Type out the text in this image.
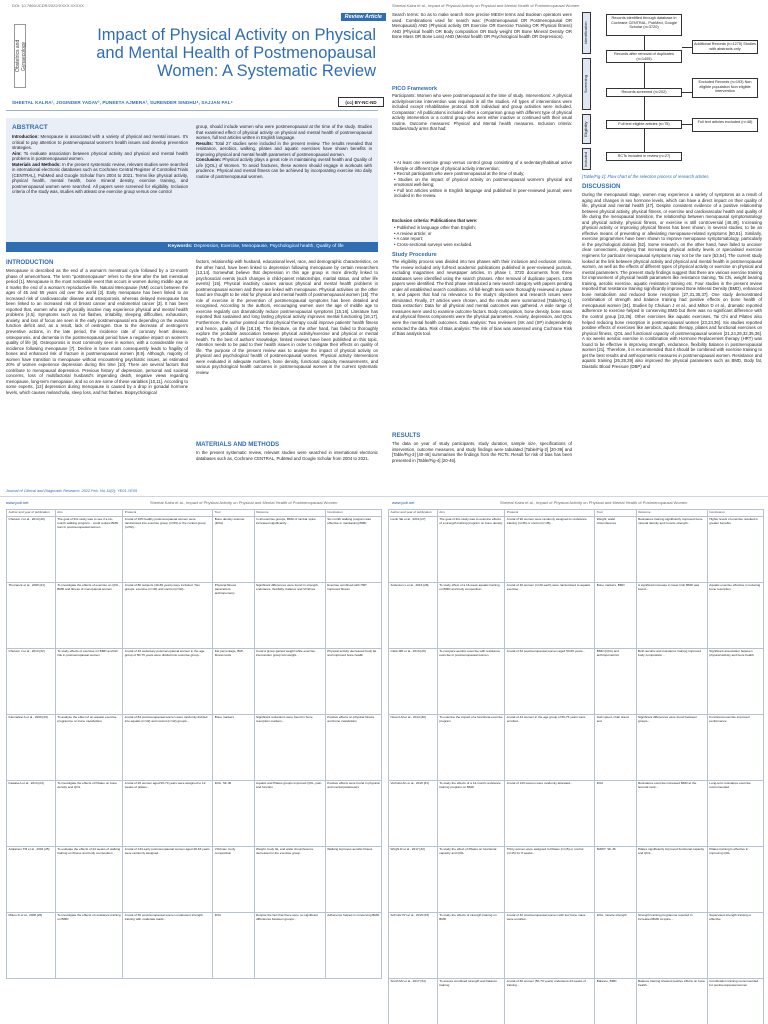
DOI: 10.7860/JCDR/2022/XXXX.XXXXX
Review Article
Obstetrics and Gynaecology
Impact of Physical Activity on Physical and Mental Health of Postmenopausal Women: A Systematic Review
SHEETAL KALRA¹, JOGINDER YADAV², PUNEETA AJMERA³, SURENDER SINDHU⁴, SAJJAN PAL⁵	(cc) BY-NC-ND
ABSTRACT
Introduction: Menopause is associated with a variety of physical and mental issues. It's critical to pay attention to postmenopausal women's health issues and develop prevention strategies.
Aim: To evaluate association between physical activity and physical and mental health problems in postmenopausal women.
Materials and Methods: In the present systematic review, relevant studies were searched in international electronic databases such as Cochrane Central Register of Controlled Trials (CENTRAL), PubMed and Google Scholar from 2004 to 2021. Terms like physical activity, physical health, mental health, bone mineral density, exercise training, and postmenopausal women were searched. All papers were screened for eligibility. Inclusion criteria of the study was, studies with atleast one exercise group versus one control
group, should include women who were postmenopausal at the time of the study. Studies that examined effect of physical activity on physical and mental health of postmenopausal women, full text articles written in English language.
Results: Total 27 studies were included in the present review. The results revealed that resistance, aerobics, walking, pilates and aquatic exercises have shown benefits in improving physical and mental health parameters of postmenopausal women.
Conclusion: Physical activity plays a great role in maintaining overall health and Quality of Life (QOL) of Women. To avoid fractures, these women should engage in workouts with prudence. Physical and mental fitness can be achieved by incorporating exercise into daily routine of postmenopausal women.
Keywords: Depression, Exercise, Menopause, Psychological health, Quality of life
INTRODUCTION
Menopause is described as the end of a woman's menstrual cycle followed by a 12-month phase of amenorrhoea. The term "postmenopause" refers to the time after the last menstrual period [1]. Menopause is the most noticeable event that occurs in women during middle age as it marks the end of a woman's reproductive life. Natural Menopause (NM) occurs between the ages of 45 and 55 years old over the world [2]. Early menopause has been linked to an increased risk of cardiovascular disease and osteoporosis, whereas delayed menopause has been linked to an increased risk of breast cancer and endometrial cancer [3]. It has been reported that, women who are physically inactive may experience physical and mental health problems [4,5]. Symptoms such as hot flashes, irritability, sleeping difficulties, exhaustion, anxiety, and loss of focus are seen in the early postmenopausal era depending on the ovarian function deficit and, as a result, lack of oestrogen. Due to the decrease of oestrogen's preventive actions, in the late period, the incidence rate of coronary heart disease, osteoporosis, and dementia in the postmenopausal period have a negative impact on women's quality of life [6]. Osteoporosis is most commonly seen in women, with a considerable rise in incidence following menopause [7]. Decline in bone mass consequently leads to fragility of bones and enhanced risk of fracture in postmenopausal women [8,9]. Although, majority of women have transition to menopause without encountering psychiatric issues, an estimated 20% of women experience depression during this time [10]. There are several factors that contribute to menopausal depression. Previous history of depression, personal and societal concerns, loss of multifactorial husband's impending death, negative views regarding menopause, long-term menopause, and so on are some of these variables [10,11]. According to some experts, [12] depression during menopause is caused by a drop in gonadal hormone levels, which causes melancholia, sleep loss, and hot flashes. Biopsychological
factors, relationship with husband, educational level, race, and demographic characteristics, on the other hand, have been linked to depression following menopause by certain researchers [13,14]. Somewhat believe that depression in this age group is more directly linked to psychosocial events (such changes in child-parent relationships, marital status, and other life events) [15]. Physical inactivity causes various physical and mental health problems in postmenopausal women and these are linked with menopause. Physical activities on the other hand are thought to be vital for physical and mental health of postmenopausal women [15]. The role of exercise in the prevention of postmenopausal symptoms has been detailed and recognised. According to the authors, encouraging women over the age of middle age to exercise regularly can dramatically reduce postmenopausal symptoms [15,16]. Literature has reported that sustained and long lasting physical activity improves mental functioning [16,17]. Furthermore, the author pointed out that physical therapy could improve patients' health fitness and hence, quality of life [18,19]. The literature, on the other hand, has failed to thoroughly explore the probable association between physical activity/exercise and physical or mental health. To the best of authors' knowledge, limited reviews have been published on this topic. Attention needs to be paid to their health issues in order to mitigate their effects on quality of life. The purpose of the present review was to analyse the impact of physical activity on physical and psychological health of postmenopausal women. Physical activity interventions were evaluated in adequate numbers, bone density, functional capacity measurements, and various psychological health outcomes in postmenopausal women in the current systematic review.
MATERIALS AND METHODS
In the present systematic review, relevant studies were searched in international electronic databases such as, Cochrane CENTRAL, PubMed and Google Scholar from 2004 to 2021.
Journal of Clinical and Diagnostic Research. 2022 Feb, Vol-16(2): YE01-YE05
Sheetal Kalra et al., Impact of Physical Activity on Physical and Mental Health of Postmenopausal Women
Search terms: So as to make search more precise MESH terms and Boolean operators were used. Combinations used for search was: (Postmenopausal OR Postmenopausal OR Menopausal) AND (Physical activity OR Exercise OR Exercise Training OR Physical fitness) AND (Physical health OR Body composition OR Body weight OR Bone Mineral Density OR Bone Mass OR Bone Loss) AND (Mental health OR Psychological health OR Depression).
PICO Framework
Participants: Women who were postmenopausal at the time of study. Interventions: A physical activity/exercise intervention was required in all the studies. All types of interventions were included except rehabilitative protocol. Both individual and group activities were included. Comparator: All publications included either a comparison group with different type of physical activity intervention or a control group who were either inactive or continued with their usual routine. Outcome measures: Physical and Mental health measures. Inclusion criteria: Studies/study arms that had:
• At least one exercise group versus control group consisting of a sedentary/habitual active lifestyle or different type of physical activity intervention;
• Recruit participants who were postmenopausal at the time of study;
• Studies on the impact of physical activity on postmenopausal women's physical and emotional well-being;
• Full text articles written in English language and published in peer-reviewed journal; were included in the review.
Exclusion criteria: Publications that were:
• Published in language other than English;
• A review article; or
• A case report;
• Cross-sectional surveys were excluded.
Study Procedure
The eligibility process was divided into two phases with their inclusion and exclusion criteria. The review included only full-text academic publications published in peer-reviewed journals, excluding magazines and newspaper articles. In phase I, 3720 documents from three databases were identified using the search phrases. After removal of duplicate papers, 1405 papers were identified. The third phase introduced a new search category with papers pending under all established search conditions. All full-length texts were thoroughly reviewed in phase II, and papers that had no relevance to the study's objectives and research issues were eliminated. Finally, 27 articles were chosen, and the results were summarized [Table/Fig-1]. Data extraction: Data for all physical and mental outcomes was gathered. A wide range of measures were used to examine outcome factors. Body composition, bone density, bone mass and physical fitness components were the physical parameters. Anxiety, depression, and QOL were the mental health outcomes. Data analysis: Two reviewers (SK and (SP) independently extracted the data. Risk of Bias analysis: The risk of bias was assessed using Cochrane Risk of Bias analysis tool.
RESULTS
The data on year of study participants, study duration, sample size, specifications of intervention, outcome measures, and study findings were tabulated [Table/Fig-2] [20-39] and [Table/Fig-3] [40-46] summarises the findings from the RCTs. Result for risk of bias has been presented in [Table/Fig-4] [20-46].
Identification
Screening
Eligibility
Included
Records identified through database in Cochrane CENTRAL, PubMed, Google Scholar (n=3720)
Additional Records (n=1275) Studies with abstracts only
Records after removal of duplicates (n=1405)
Records screened (n=202)
Excluded Records (n=193) Non eligible population Non eligible intervention
Full text eligible articles (n=75)	Full text articles excluded (n=48)
RCTs included in review (n=27)
[Table/Fig-1]: Flow chart of the selection process of research articles.
DISCUSSION
During the menopausal stage, women may experience a variety of symptoms as a result of aging and changes in sex hormone levels, which can have a direct impact on their quality of life, physical and mental health [47]. Despite consistent evidence of a positive relationship between physical activity, physical fitness, or exercise and cardiovascular health and quality of life during the menopausal transition, the relationship between menopausal symptomatology and physical activity, physical fitness, or exercise is still controversial [48,49]. Increasing physical activity or improving physical fitness has been shown, in several studies, to be an effective means of preventing or alleviating menopause-related symptoms [50,51]. Similarly, exercise programmes have been shown to improve menopause symptomatology, particularly in the psychological domain [52]. Some research, on the other hand, have failed to uncover clear connections, implying that increasing physical activity levels or specialised exercise regimens for particular menopausal symptoms may not be the cure [53,54]. The current study looked at the link between physical activity and physical and mental health in postmenopausal women, as well as the effects of different types of physical activity or exercise on physical and mental parameters. The present study findings suggest that there are various exercise training for improvement of physical health parameters like resistance training, Tai Chi, weight bearing training, aerobic exercise, aquatic resistance training etc. Four studies in the present review reported that resistance training significantly improved Bone Mineral Density (BMD), enhanced bone metabolism and reduced bone resorption [27,31,35,37]. One study demonstrated combination of strength and balance training had positive effects on bone health of menopausal women [34]. Studies by Chuluun J et al., and Milton D et al., dramatic reported adherence to exercise helped in conserving BMD but there was no significant difference with the control group [22,26]. Other exercises like aquatic exercises, Tai Chi and Pilates also helped reducing bone resorption in postmenopausal women [23,24,36]. Six studies reported positive effects of exercises like aerobics, aquatic therapy, pilates and functional exercises on physical fitness, QOL and functional capacity of postmenopausal women [21,24,29,32,35,36]. A six weeks aerobic exercise in combination with Hormone Replacement therapy (HRT) was found to be effective in improving strength, endurance, flexibility balance in postmenopausal women [21]. Therefore, it is recommended that it should be combined with exercise training to get the best results and anthropometric measures in postmenopausal women. Resistance and aquatic training [26,28,29] also improved the physical parameters such as BMD, Body fat, Diastolic Blood Pressure (DBP) and
www.jcdr.net	Sheetal Kalra et al., Impact of Physical Activity on Physical and Mental Health of Postmenopausal Women	www.jcdr.net	Sheetal Kalra et al., Impact of Physical Activity on Physical and Mental Health of Postmenopausal Women
Author and year of publication	Aim	Protocol	Tool	Outcome	Conclusion
Chuluun J et al., 2013 [20]	The goal of this study was to see if a six-month walking program... could reduce BMD loss in postmenopausal women	A total of 105 healthy postmenopausal women were randomised into exercise group (n=53) or the control group (n=52)...	Bone density scanner (DXA)	In all exercise groups, BMD of lumbar spine increased significantly...	Six month walking program was effective in maintaining BMD
Thomas E et al., 2009 [21]	To investigate the effects of exercise on QOL, BMD and fitness of menopausal women	A total of 80 subjects (40-65 years) were included. Two groups: exercise (n=40) and control (n=40)...	Physical fitness parameters, anthropometry	Significant differences were found in strength, endurance, flexibility, balance and VO2max	Exercise combined with HRT improved fitness
Chuluun J et al., 2013 [22]	To study effects of exercise on BMD and fall risk in postmenopausal women	A total of 40 sedentary postmenopausal women in the age group of 50-75 years were divided into exercise group...	Fat percentage, BMI, fitness tests	Control group gained weight while exercise intervention group lost weight...	Physical activity decreased body fat and improved bone health
Karmarkar A et al., 2009 [23]	To analyse the effect of an aquatic exercise programme on bone metabolism	A total of 84 postmenopausal women were randomly divided into aquatic (n=42) and control (n=42) groups...	Bone markers	Significant reductions were found in bone resorption markers...	Positive effects on physical fitness and bone metabolism
Kawata A et al., 2014 [24]	To investigate the effects of Pilates on bone density and QOL	A total of 20 women aged 50-70 years were assigned to 12 weeks of pilates...	DXA, SF-36	Aquatic and Pilates groups improved QOL, pain and function	Positive effects were found in physical and mental parameters
Asikainen TM et al., 2004 [25]	To evaluate the effects of 24 weeks of walking training on fitness and body composition	A total of 134 early postmenopausal women aged 48-63 years were randomly assigned...	VO2max, body composition	Weight, body fat, and waist circumference decreased in the exercise group...	Walking improves aerobic fitness
Milton D et al., 2008 [26]	To investigate the effects of resistance training on BMD	A total of 30 postmenopausal women underwent strength training with moderate loads...	DXA	Despite the fact that there were no significant differences between groups...	Adherence helped in conserving BMD
Author and year of publication	Aim	Protocol	Tool	Outcome	Conclusion
Lamb SE et al., 2019 [27]	The goal of this study was to examine effects of a strength training program on bone density	A total of 90 women were randomly assigned to resistance training (n=45) or control (n=45)...	Weight, waist circumference	Resistance training significantly improved bone mineral density and muscle strength...	Higher levels of exercise resulted in greater benefits
Anderson L et al., 2016 [28]	To study effect of a 16-week aquatic training on BMD and body composition	A total of 40 women (n=20 each) were randomised to aquatic exercise...	Bone markers, BMD	A significant increase in lower limb BMD was found...	Aquatic exercise effective in reducing bone resorption
Clark MR et al., 2019 [29]	To compare aerobic exercise with resistance exercise in postmenopausal women	A total of 62 postmenopausal women aged 50-65 years...	BMD (DXA) and anthropometrics	Both aerobic and resistance training improved body composition...	Significant association between physical activity and bone health
Nevel LM et al., 2014 [30]	To examine the impact of a functional exercise program	A total of 44 women in the age group of 60-75 years were enrolled...	Gait speed, chair stand test	Significant differences were found between groups...	Functional exercise improved performance
Verhulst AC et al., 2016 [31]	To study the effects of a 12-month resistance training program on BMD	A total of 120 women were randomly allocated...	DXA	Resistance exercise increased BMD at the femoral neck...	Long-term resistance exercise recommended
Wright R et al., 2017 [32]	To study the effect of Pilates on functional capacity and QOL	Thirty women were assigned to Pilates (n=15) or control (n=15) for 8 weeks...	6MWT, SF-36	Pilates significantly improved functional capacity and QOL...	Pilates training is effective in improving QOL
Schmitz KH et al., 2016 [33]	To study the effects of strength training on BMD	A total of 40 postmenopausal women with low bone mass were enrolled...	DXA, muscle strength	Strength training programme resulted in increased BMD at spine...	Supervised strength training is effective
Smith MJ et al., 2017 [34]	To assess combined strength and balance training	A total of 60 women (50-70 years) underwent 24 weeks of training...	Balance, BMD	Balance training showed positive effects on bone health...	Combination training recommended for postmenopausal women
